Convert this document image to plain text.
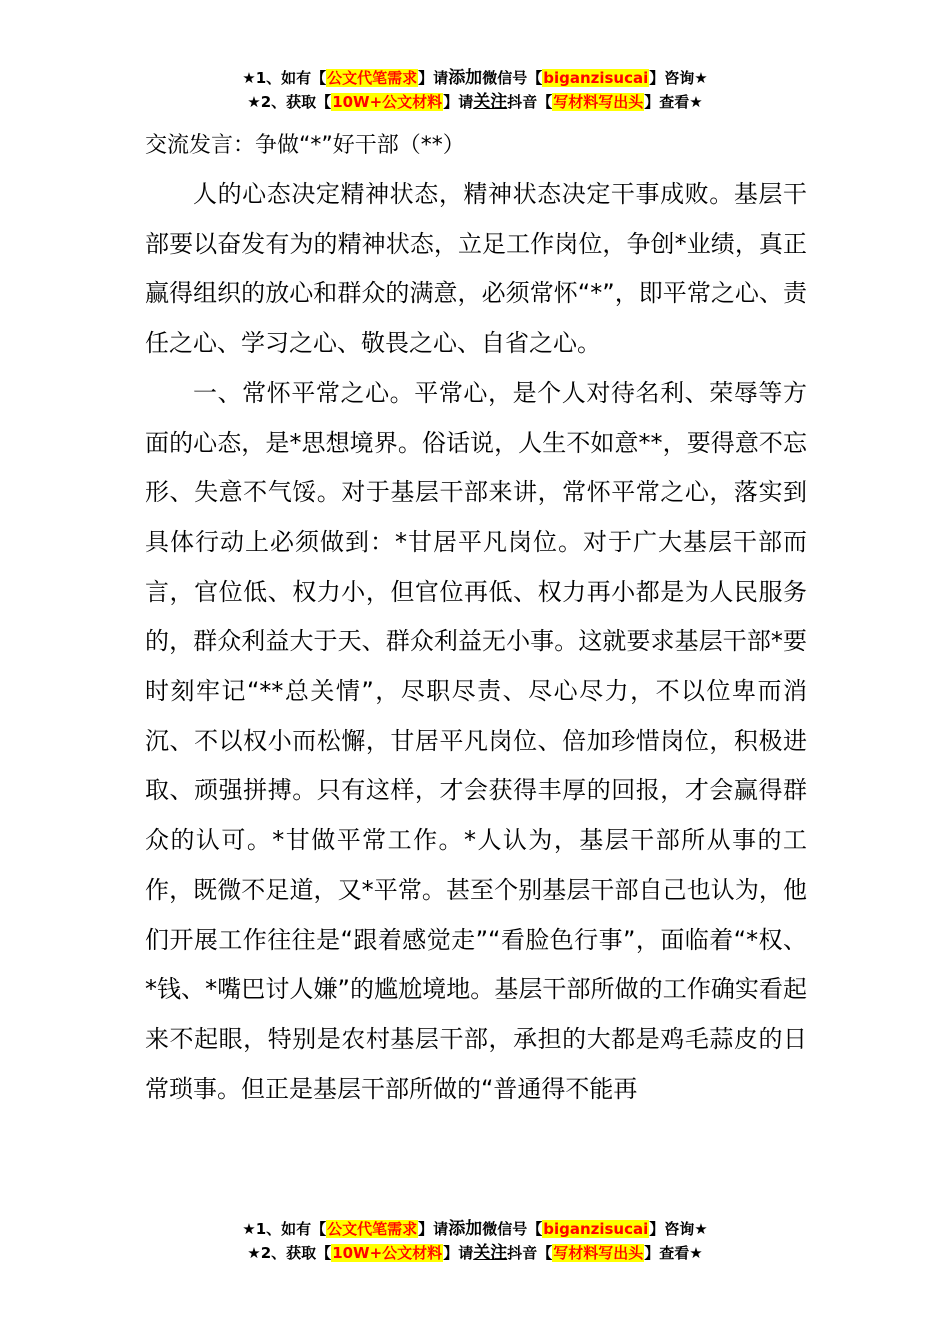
★1、如有【公文代笔需求】请添加微信号【biganzisucai】咨询★
★2、获取【10W+公文材料】请关注抖音【写材料写出头】查看★
交流发言：争做“*”好干部（**）

人的心态决定精神状态，精神状态决定干事成败。基层干部要以奋发有为的精神状态，立足工作岗位，争创*业绩，真正赢得组织的放心和群众的满意，必须常怀“*”，即平常之心、责任之心、学习之心、敬畏之心、自省之心。

一、常怀平常之心。平常心，是个人对待名利、荣辱等方面的心态，是*思想境界。俗话说，人生不如意**，要得意不忘形、失意不气馁。对于基层干部来讲，常怀平常之心，落实到具体行动上必须做到：*甘居平凡岗位。对于广大基层干部而言，官位低、权力小，但官位再低、权力再小都是为人民服务的，群众利益大于天、群众利益无小事。这就要求基层干部*要时刻牢记“**总关情”，尽职尽责、尽心尽力，不以位卑而消沉、不以权小而松懈，甘居平凡岗位、倍加珍惜岗位，积极进取、顽强拼搏。只有这样，才会获得丰厚的回报，才会赢得群众的认可。*甘做平常工作。*人认为，基层干部所从事的工作，既微不足道，又*平常。甚至个别基层干部自己也认为，他们开展工作往往是“跟着感觉走”“看脸色行事”，面临着“*权、*钱、*嘴巴讨人嫌”的尴尬境地。基层干部所做的工作确实看起来不起眼，特别是农村基层干部，承担的大都是鸡毛蒜皮的日常琐事。但正是基层干部所做的“普通得不能再

★1、如有【公文代笔需求】请添加微信号【biganzisucai】咨询★
★2、获取【10W+公文材料】请关注抖音【写材料写出头】查看★
